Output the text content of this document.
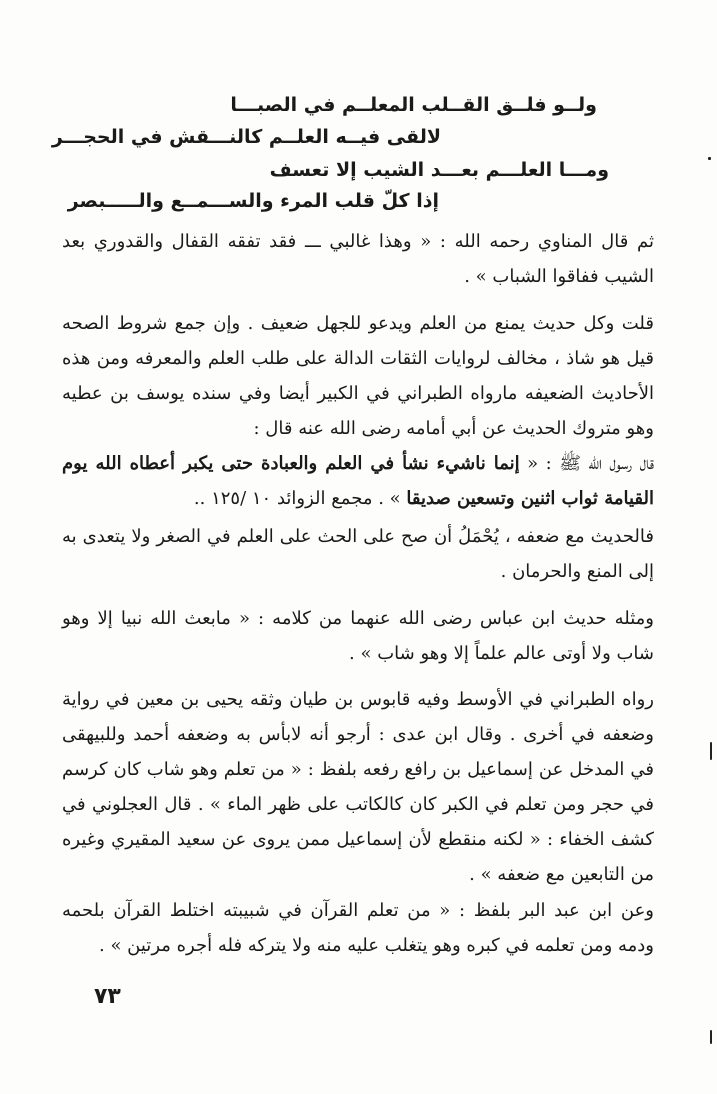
ولــو فلــق القــلب المعلــم في الصبـــا
لالقى فيــه العلــم كالنـــقش في الحجـــر
ومـــا العلـــم بعـــد الشيب إلا تعسف
إذا كلّ قلب المرء والســـمــع والـــــبصر

ثم قال المناوي رحمه الله : « وهذا غالبي ـــ فقد تفقه القفال والقدوري بعد الشيب ففاقوا الشباب » .

قلت وكل حديث يمنع من العلم ويدعو للجهل ضعيف . وإن جمع شروط الصحه قيل هو شاذ ، مخالف لروايات الثقات الدالة على طلب العلم والمعرفه ومن هذه الأحاديث الضعيفه مارواه الطبراني في الكبير أيضا وفي سنده يوسف بن عطيه وهو متروك الحديث عن أبي أمامه رضى الله عنه قال :
قال رسول الله ﷺ : « إنما ناشيء نشأ في العلم والعبادة حتى يكبر أعطاه الله يوم القيامة ثواب اثنين وتسعين صديقا » . مجمع الزوائد ١٠ /١٢٥ ..

فالحديث مع ضعفه ، يُحْمَلُ أن صح على الحث على العلم في الصغر ولا يتعدى به إلى المنع والحرمان .

ومثله حديث ابن عباس رضى الله عنهما من كلامه : « مابعث الله نبيا إلا وهو شاب ولا أوتى عالم علماً إلا وهو شاب » .

رواه الطبراني في الأوسط وفيه قابوس بن طيان وثقه يحيى بن معين في رواية وضعفه في أخرى . وقال ابن عدى : أرجو أنه لابأس به وضعفه أحمد وللبيهقى في المدخل عن إسماعيل بن رافع رفعه بلفظ : « من تعلم وهو شاب كان كرسم في حجر ومن تعلم في الكبر كان كالكاتب على ظهر الماء » . قال العجلوني في كشف الخفاء : « لكنه منقطع لأن إسماعيل ممن يروى عن سعيد المقيري وغيره من التابعين مع ضعفه » .

وعن ابن عبد البر بلفظ : « من تعلم القرآن في شبيبته اختلط القرآن بلحمه ودمه ومن تعلمه في كبره وهو يتغلب عليه منه ولا يتركه فله أجره مرتين » .

٧٣
